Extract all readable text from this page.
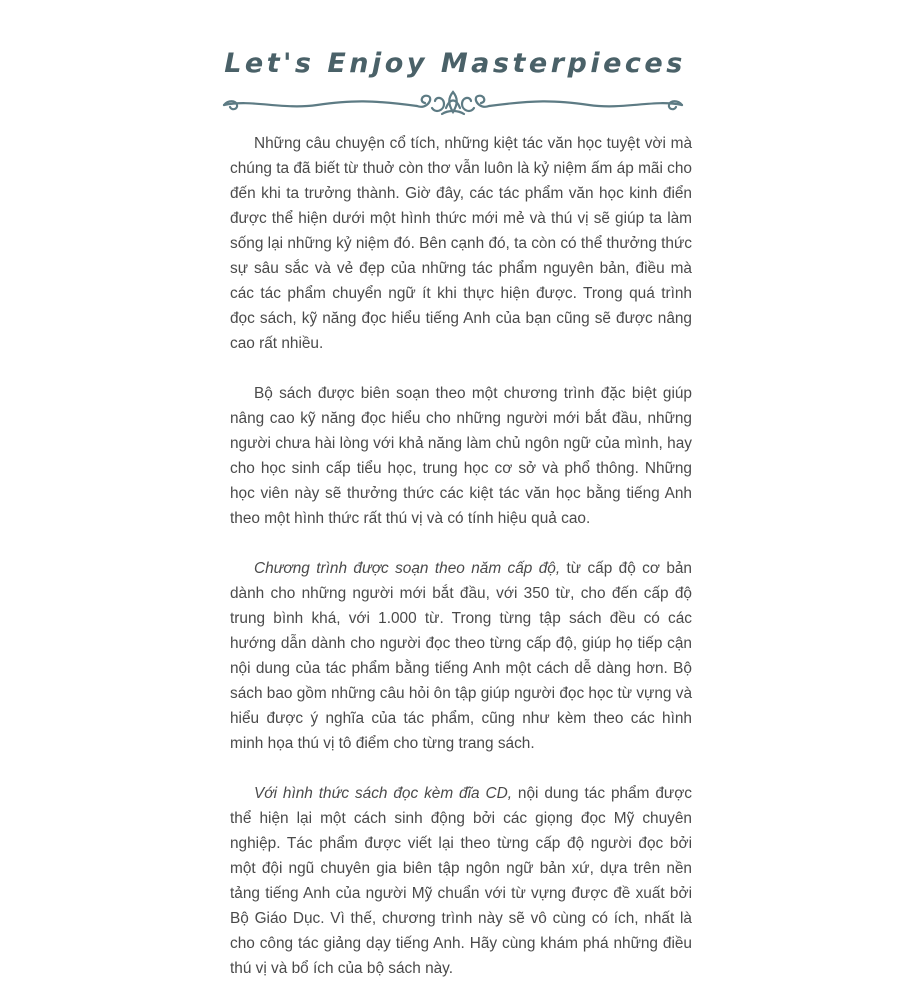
Let's Enjoy Masterpieces

Những câu chuyện cổ tích, những kiệt tác văn học tuyệt vời mà chúng ta đã biết từ thuở còn thơ vẫn luôn là kỷ niệm ấm áp mãi cho đến khi ta trưởng thành. Giờ đây, các tác phẩm văn học kinh điển được thể hiện dưới một hình thức mới mẻ và thú vị sẽ giúp ta làm sống lại những kỷ niệm đó. Bên cạnh đó, ta còn có thể thưởng thức sự sâu sắc và vẻ đẹp của những tác phẩm nguyên bản, điều mà các tác phẩm chuyển ngữ ít khi thực hiện được. Trong quá trình đọc sách, kỹ năng đọc hiểu tiếng Anh của bạn cũng sẽ được nâng cao rất nhiều.

Bộ sách được biên soạn theo một chương trình đặc biệt giúp nâng cao kỹ năng đọc hiểu cho những người mới bắt đầu, những người chưa hài lòng với khả năng làm chủ ngôn ngữ của mình, hay cho học sinh cấp tiểu học, trung học cơ sở và phổ thông. Những học viên này sẽ thưởng thức các kiệt tác văn học bằng tiếng Anh theo một hình thức rất thú vị và có tính hiệu quả cao.

Chương trình được soạn theo năm cấp độ, từ cấp độ cơ bản dành cho những người mới bắt đầu, với 350 từ, cho đến cấp độ trung bình khá, với 1.000 từ. Trong từng tập sách đều có các hướng dẫn dành cho người đọc theo từng cấp độ, giúp họ tiếp cận nội dung của tác phẩm bằng tiếng Anh một cách dễ dàng hơn. Bộ sách bao gồm những câu hỏi ôn tập giúp người đọc học từ vựng và hiểu được ý nghĩa của tác phẩm, cũng như kèm theo các hình minh họa thú vị tô điểm cho từng trang sách.

Với hình thức sách đọc kèm đĩa CD, nội dung tác phẩm được thể hiện lại một cách sinh động bởi các giọng đọc Mỹ chuyên nghiệp. Tác phẩm được viết lại theo từng cấp độ người đọc bởi một đội ngũ chuyên gia biên tập ngôn ngữ bản xứ, dựa trên nền tảng tiếng Anh của người Mỹ chuẩn với từ vựng được đề xuất bởi Bộ Giáo Dục. Vì thế, chương trình này sẽ vô cùng có ích, nhất là cho công tác giảng dạy tiếng Anh. Hãy cùng khám phá những điều thú vị và bổ ích của bộ sách này.
